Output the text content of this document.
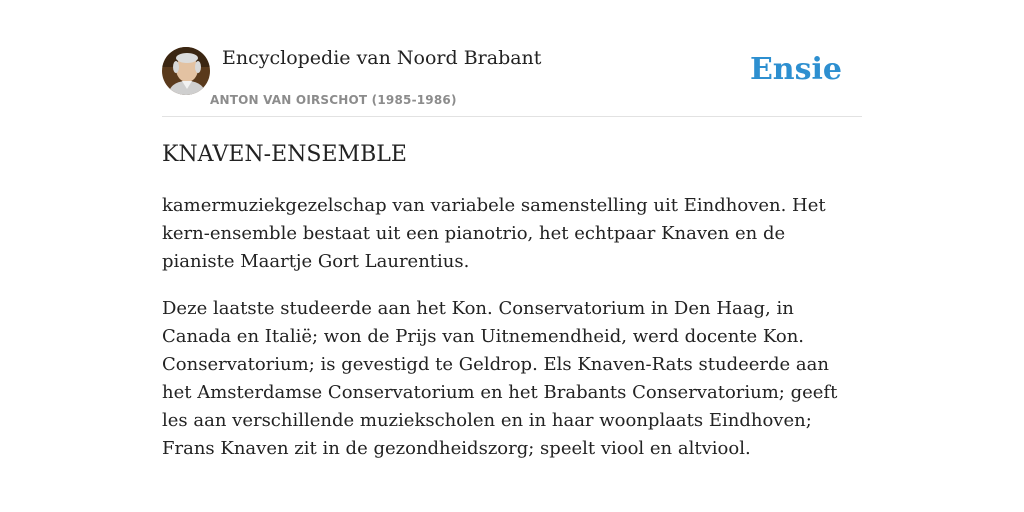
Encyclopedie van Noord Brabant
ANTON VAN OIRSCHOT (1985-1986)
Ensie
KNAVEN-ENSEMBLE

kamermuziekgezelschap van variabele samenstelling uit Eindhoven. Het kern-ensemble bestaat uit een pianotrio, het echtpaar Knaven en de pianiste Maartje Gort Laurentius.

Deze laatste studeerde aan het Kon. Conservatorium in Den Haag, in Canada en Italië; won de Prijs van Uitnemendheid, werd docente Kon. Conservatorium; is gevestigd te Geldrop. Els Knaven-Rats studeerde aan het Amsterdamse Conservatorium en het Brabants Conservatorium; geeft les aan verschillende muziekscholen en in haar woonplaats Eindhoven; Frans Knaven zit in de gezondheidszorg; speelt viool en altviool.
